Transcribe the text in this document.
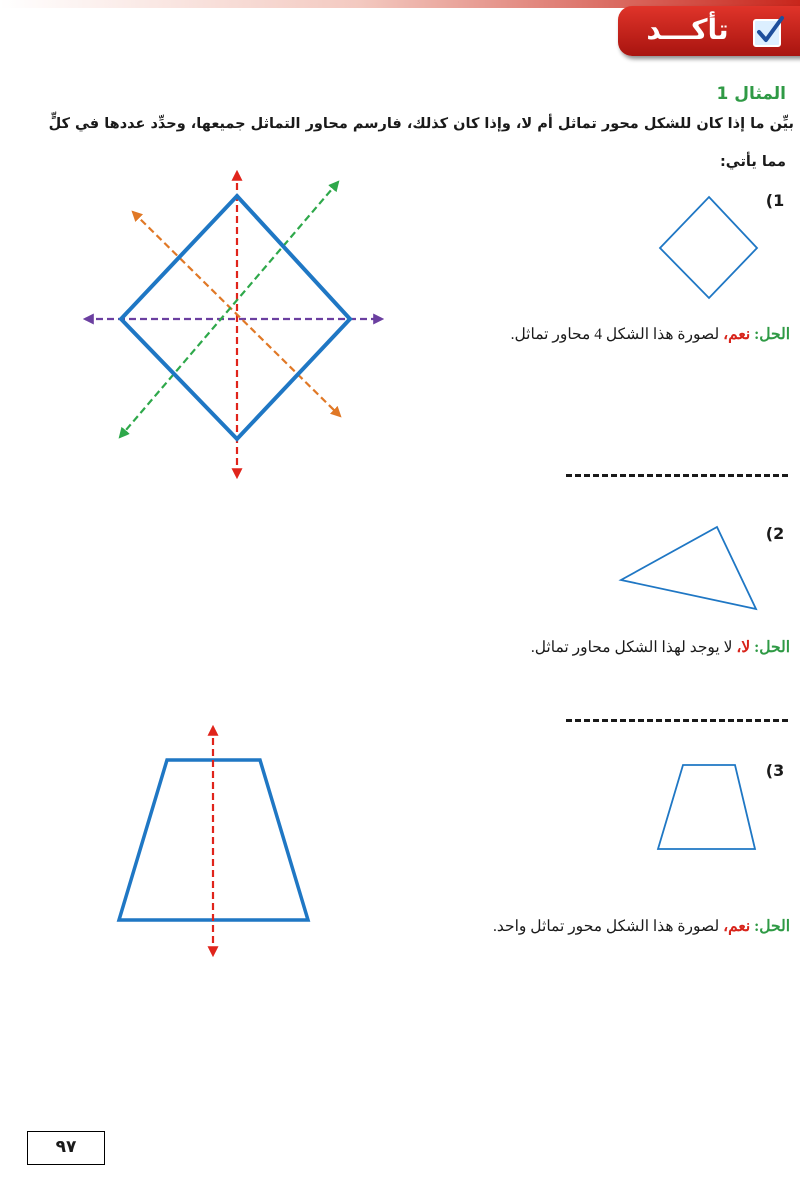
تأكـــد
المثال 1
بيِّن ما إذا كان للشكل محور تماثل أم لا، وإذا كان كذلك، فارسم محاور التماثل جميعها، وحدِّد عددها في كلٍّ
مما يأتي:
(1
(2
(3
الحل: نعم، لصورة هذا الشكل 4 محاور تماثل.
الحل: لا، لا يوجد لهذا الشكل محاور تماثل.
الحل: نعم، لصورة هذا الشكل محور تماثل واحد.
٩٧
